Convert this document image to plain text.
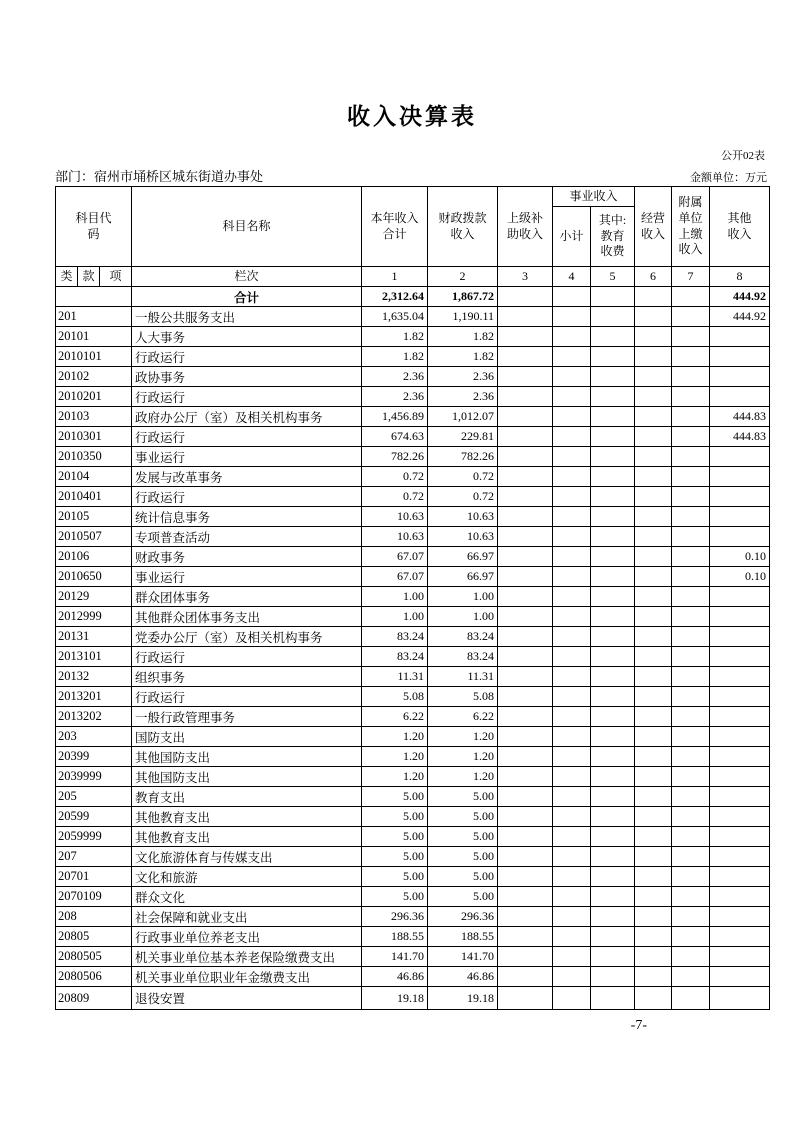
收入决算表
公开02表
部门：宿州市埇桥区城东街道办事处	金额单位：万元
科目代码			科目名称	本年收入合计	财政拨款收入	上级补助收入	事业收入		经营收入	附属单位上缴收入	其他收入
							小计	其中:教育收费			
类	款	项	栏次	1	2	3	4	5	6	7	8
			合计	2,312.64	1,867.72						444.92
201			一般公共服务支出	1,635.04	1,190.11						444.92
20101			人大事务	1.82	1.82						
2010101			行政运行	1.82	1.82						
20102			政协事务	2.36	2.36						
2010201			行政运行	2.36	2.36						
20103			政府办公厅（室）及相关机构事务	1,456.89	1,012.07						444.83
2010301			行政运行	674.63	229.81						444.83
2010350			事业运行	782.26	782.26						
20104			发展与改革事务	0.72	0.72						
2010401			行政运行	0.72	0.72						
20105			统计信息事务	10.63	10.63						
2010507			专项普查活动	10.63	10.63						
20106			财政事务	67.07	66.97						0.10
2010650			事业运行	67.07	66.97						0.10
20129			群众团体事务	1.00	1.00						
2012999			其他群众团体事务支出	1.00	1.00						
20131			党委办公厅（室）及相关机构事务	83.24	83.24						
2013101			行政运行	83.24	83.24						
20132			组织事务	11.31	11.31						
2013201			行政运行	5.08	5.08						
2013202			一般行政管理事务	6.22	6.22						
203			国防支出	1.20	1.20						
20399			其他国防支出	1.20	1.20						
2039999			其他国防支出	1.20	1.20						
205			教育支出	5.00	5.00						
20599			其他教育支出	5.00	5.00						
2059999			其他教育支出	5.00	5.00						
207			文化旅游体育与传媒支出	5.00	5.00						
20701			文化和旅游	5.00	5.00						
2070109			群众文化	5.00	5.00						
208			社会保障和就业支出	296.36	296.36						
20805			行政事业单位养老支出	188.55	188.55						
2080505			机关事业单位基本养老保险缴费支出	141.70	141.70						
2080506			机关事业单位职业年金缴费支出	46.86	46.86						
20809			退役安置	19.18	19.18						
-7-
